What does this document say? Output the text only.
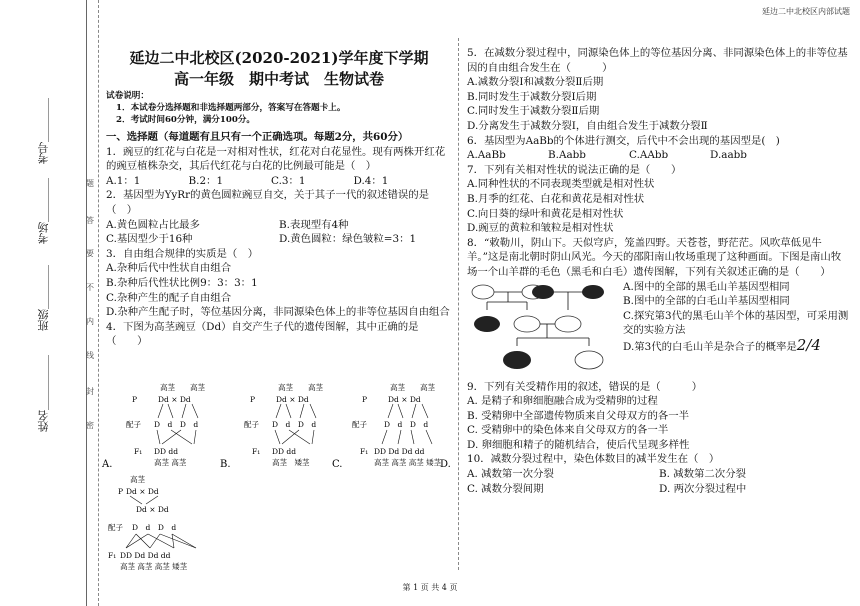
延边二中北校区内部试题
姓名＿＿＿＿＿
班级＿＿＿＿
考场＿＿＿＿
考号＿＿＿＿
题
答
要
不
内
线
封
密

延边二中北校区(2020-2021)学年度下学期

高一年级　期中考试　生物试卷

试卷说明：

1．本试卷分选择题和非选择题两部分，答案写在答题卡上。

2．考试时间60分钟，满分100分。

一、选择题（每道题有且只有一个正确选项。每题2分，共60分）

1．豌豆的红花与白花是一对相对性状，红花对白花显性。现有两株开红花的豌豆植株杂交，其后代红花与白花的比例最可能是（　）

A.1：1	B.2：1	C.3：1	D.4：1

2．基因型为YyRr的黄色圆粒豌豆自交，关于其子一代的叙述错误的是（　）

A.黄色圆粒占比最多	B.表现型有4种

C.基因型少于16种	D.黄色圆粒：绿色皱粒=3：1

3．自由组合规律的实质是（　）

A.杂种后代中性状自由组合

B.杂种后代性状比例9：3：3：1

C.杂种产生的配子自由组合

D.杂种产生配子时，等位基因分离，非同源染色体上的非等位基因自由组合

4．下图为高茎豌豆（Dd）自交产生子代的遗传图解，其中正确的是（　　）

高茎　　高茎
P	Dd × Dd
配子 D　d　D　d
F₁ DD dd
高茎 高茎
A.
高茎　　高茎
P	Dd × Dd
配子 D　d　D　d
F₁ DD dd
高茎　矮茎
B.
高茎　　高茎
P	Dd × Dd
配子 D　d　D　d
F₁ DD Dd Dd dd
高茎 高茎 高茎 矮茎
C.	D.
高茎
P Dd × Dd
Dd × Dd
配子 D　d　D　d
F₁ DD Dd Dd dd
高茎 高茎 高茎 矮茎

5．在减数分裂过程中，同源染色体上的等位基因分离、非同源染色体上的非等位基因的自由组合发生在（　　　）

A.减数分裂Ⅰ和减数分裂Ⅱ后期

B.同时发生于减数分裂Ⅰ后期

C.同时发生于减数分裂Ⅱ后期

D.分离发生于减数分裂Ⅰ，自由组合发生于减数分裂Ⅱ

6．基因型为AaBb的个体进行测交，后代中不会出现的基因型是(　)

A.AaBb	B.Aabb	C.AAbb	D.aabb

7．下列有关相对性状的说法正确的是（　　）

A.同种性状的不同表现类型就是相对性状

B.月季的红花、白花和黄花是相对性状

C.向日葵的绿叶和黄花是相对性状

D.豌豆的黄粒和皱粒是相对性状

8．“敕勒川，阴山下。天似穹庐，笼盖四野。天苍苍，野茫茫。风吹草低见牛羊。”这是南北朝时阴山风光。今天的邵阳南山牧场重现了这种画面。下图是南山牧场一个山羊群的毛色（黑毛和白毛）遗传图解，下列有关叙述正确的是（　　）

A.图中的全部的黑毛山羊基因型相同

B.图中的全部的白毛山羊基因型相同

C.探究第3代的黑毛山羊个体的基因型，可采用测交的实验方法

D.第3代的白毛山羊是杂合子的概率是2/4

9．下列有关受精作用的叙述，错误的是（　　　）

A. 是精子和卵细胞融合成为受精卵的过程

B. 受精卵中全部遗传物质来自父母双方的各一半

C. 受精卵中的染色体来自父母双方的各一半

D. 卵细胞和精子的随机结合，使后代呈现多样性

10．减数分裂过程中，染色体数目的减半发生在（　）

A. 减数第一次分裂	B. 减数第二次分裂

C. 减数分裂间期	D. 两次分裂过程中

第 1 页 共 4 页
